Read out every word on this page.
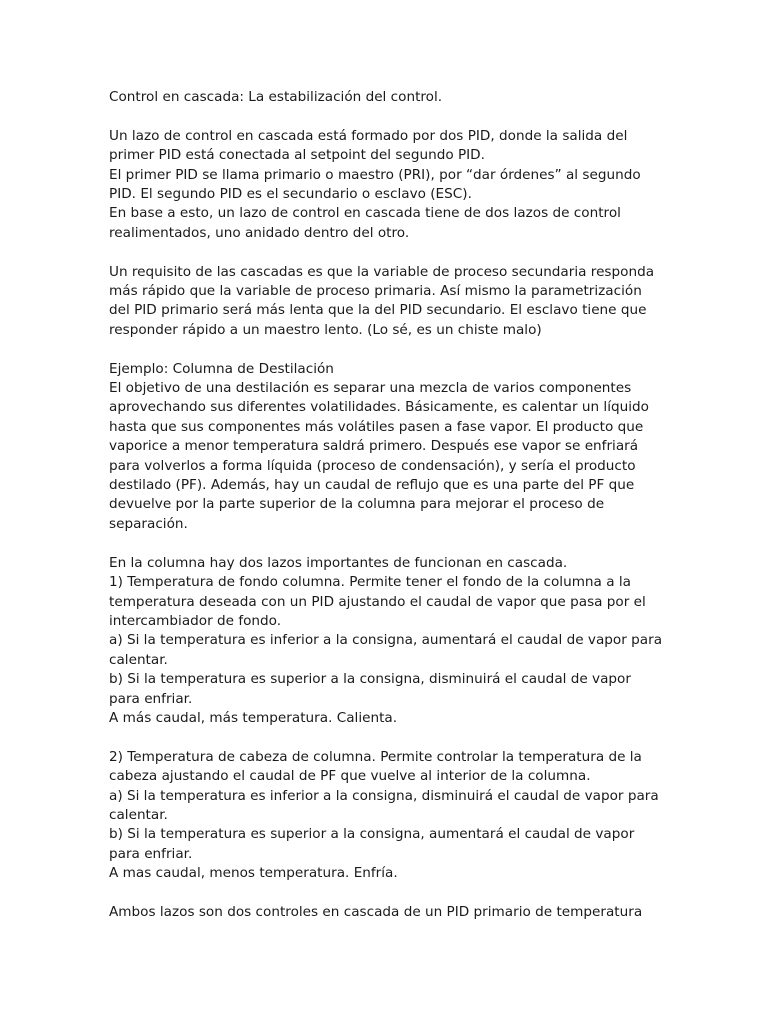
Control en cascada: La estabilización del control.
Un lazo de control en cascada está formado por dos PID, donde la salida del
primer PID está conectada al setpoint del segundo PID.
El primer PID se llama primario o maestro (PRI), por “dar órdenes” al segundo
PID. El segundo PID es el secundario o esclavo (ESC).
En base a esto, un lazo de control en cascada tiene de dos lazos de control
realimentados, uno anidado dentro del otro.
Un requisito de las cascadas es que la variable de proceso secundaria responda
más rápido que la variable de proceso primaria. Así mismo la parametrización
del PID primario será más lenta que la del PID secundario. El esclavo tiene que
responder rápido a un maestro lento. (Lo sé, es un chiste malo)
Ejemplo: Columna de Destilación
El objetivo de una destilación es separar una mezcla de varios componentes
aprovechando sus diferentes volatilidades. Básicamente, es calentar un líquido
hasta que sus componentes más volátiles pasen a fase vapor. El producto que
vaporice a menor temperatura saldrá primero. Después ese vapor se enfriará
para volverlos a forma líquida (proceso de condensación), y sería el producto
destilado (PF). Además, hay un caudal de reflujo que es una parte del PF que
devuelve por la parte superior de la columna para mejorar el proceso de
separación.
En la columna hay dos lazos importantes de funcionan en cascada.
1) Temperatura de fondo columna. Permite tener el fondo de la columna a la
temperatura deseada con un PID ajustando el caudal de vapor que pasa por el
intercambiador de fondo.
a) Si la temperatura es inferior a la consigna, aumentará el caudal de vapor para
calentar.
b) Si la temperatura es superior a la consigna, disminuirá el caudal de vapor
para enfriar.
A más caudal, más temperatura. Calienta.
2) Temperatura de cabeza de columna. Permite controlar la temperatura de la
cabeza ajustando el caudal de PF que vuelve al interior de la columna.
a) Si la temperatura es inferior a la consigna, disminuirá el caudal de vapor para
calentar.
b) Si la temperatura es superior a la consigna, aumentará el caudal de vapor
para enfriar.
A mas caudal, menos temperatura. Enfría.
Ambos lazos son dos controles en cascada de un PID primario de temperatura
